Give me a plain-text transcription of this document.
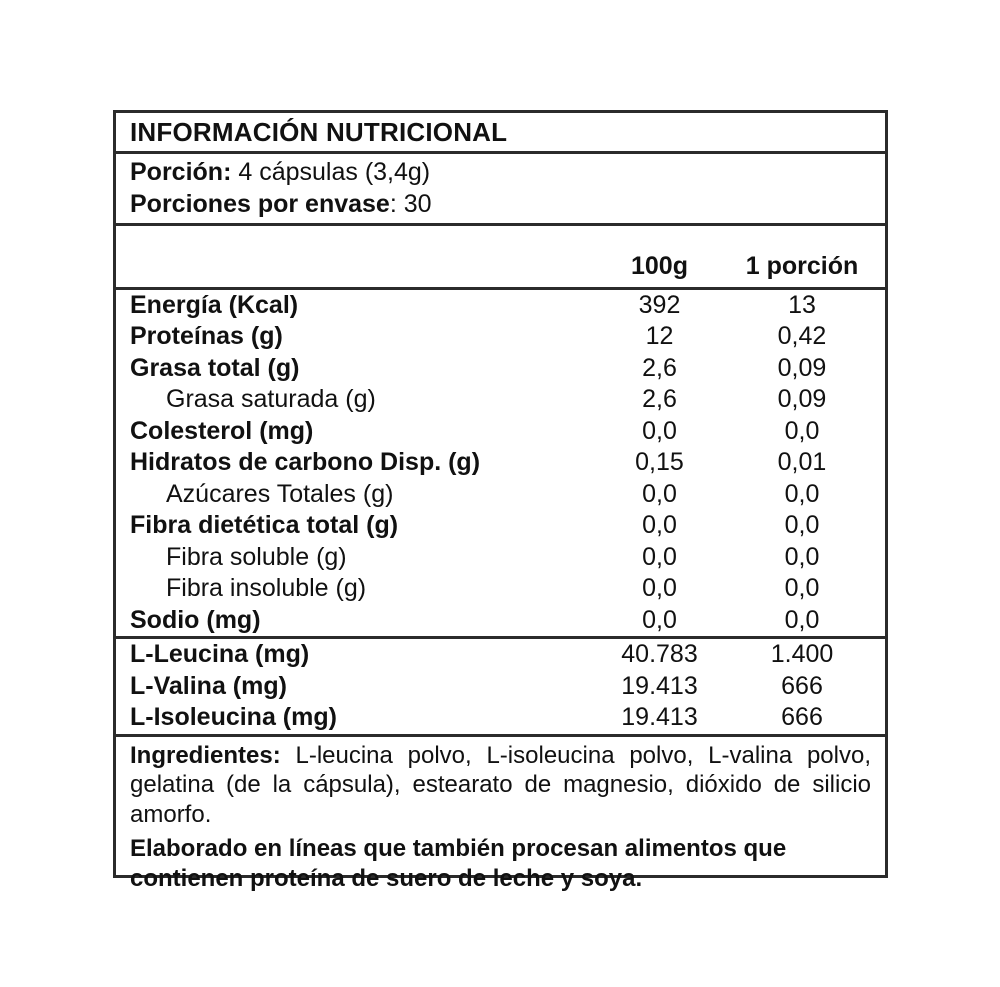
INFORMACIÓN NUTRICIONAL
Porción: 4 cápsulas (3,4g)
Porciones por envase: 30
100g	1 porción
Energía (Kcal)	392	13
Proteínas (g)	12	0,42
Grasa total (g)	2,6	0,09
Grasa saturada (g)	2,6	0,09
Colesterol (mg)	0,0	0,0
Hidratos de carbono Disp. (g)	0,15	0,01
Azúcares Totales (g)	0,0	0,0
Fibra dietética total (g)	0,0	0,0
Fibra soluble (g)	0,0	0,0
Fibra insoluble (g)	0,0	0,0
Sodio (mg)	0,0	0,0
L-Leucina (mg)	40.783	1.400
L-Valina (mg)	19.413	666
L-Isoleucina (mg)	19.413	666
Ingredientes: L-leucina polvo, L-isoleucina polvo, L-valina polvo, gelatina (de la cápsula), estearato de magnesio, dióxido de silicio amorfo.
Elaborado en líneas que también procesan alimentos que contienen proteína de suero de leche y soya.
